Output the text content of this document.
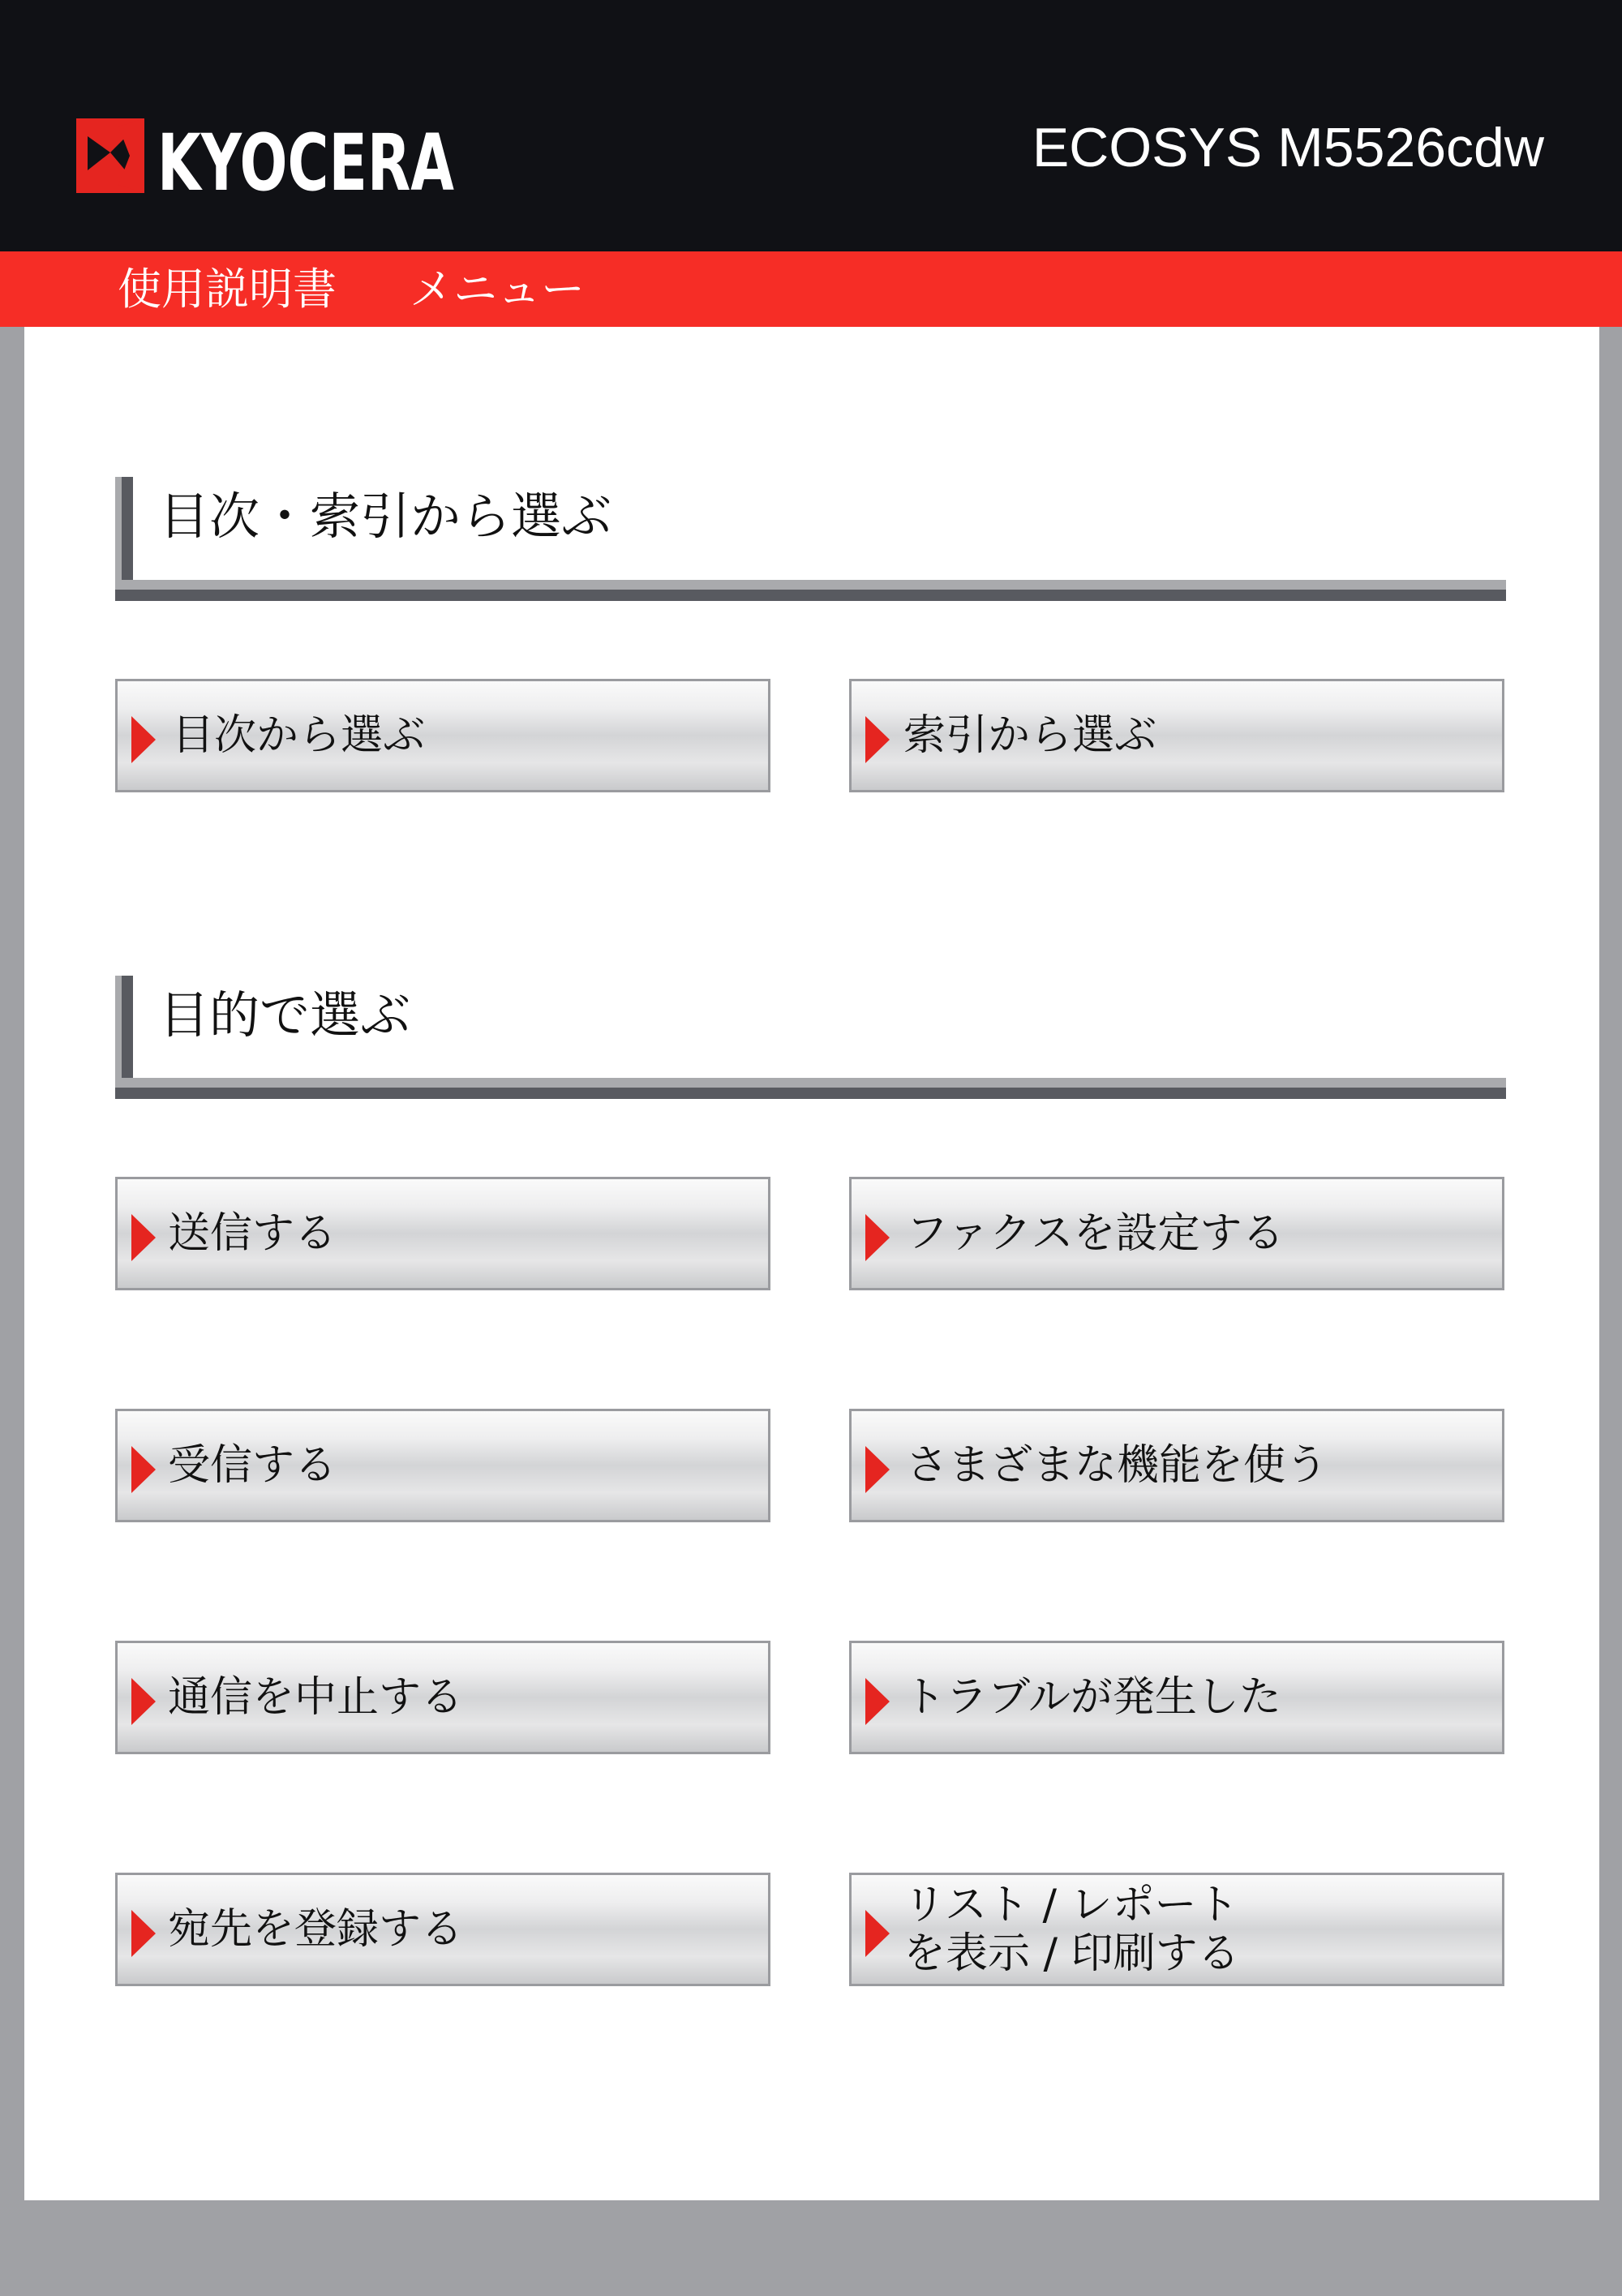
KYOCERA	ECOSYS M5526cdw
使用説明書 メニュー
目次・索引から選ぶ
目次から選ぶ	索引から選ぶ
目的で選ぶ
送信する	ファクスを設定する
受信する	さまざまな機能を使う
通信を中止する	トラブルが発生した
宛先を登録する	リスト / レポート
を表示 / 印刷する
